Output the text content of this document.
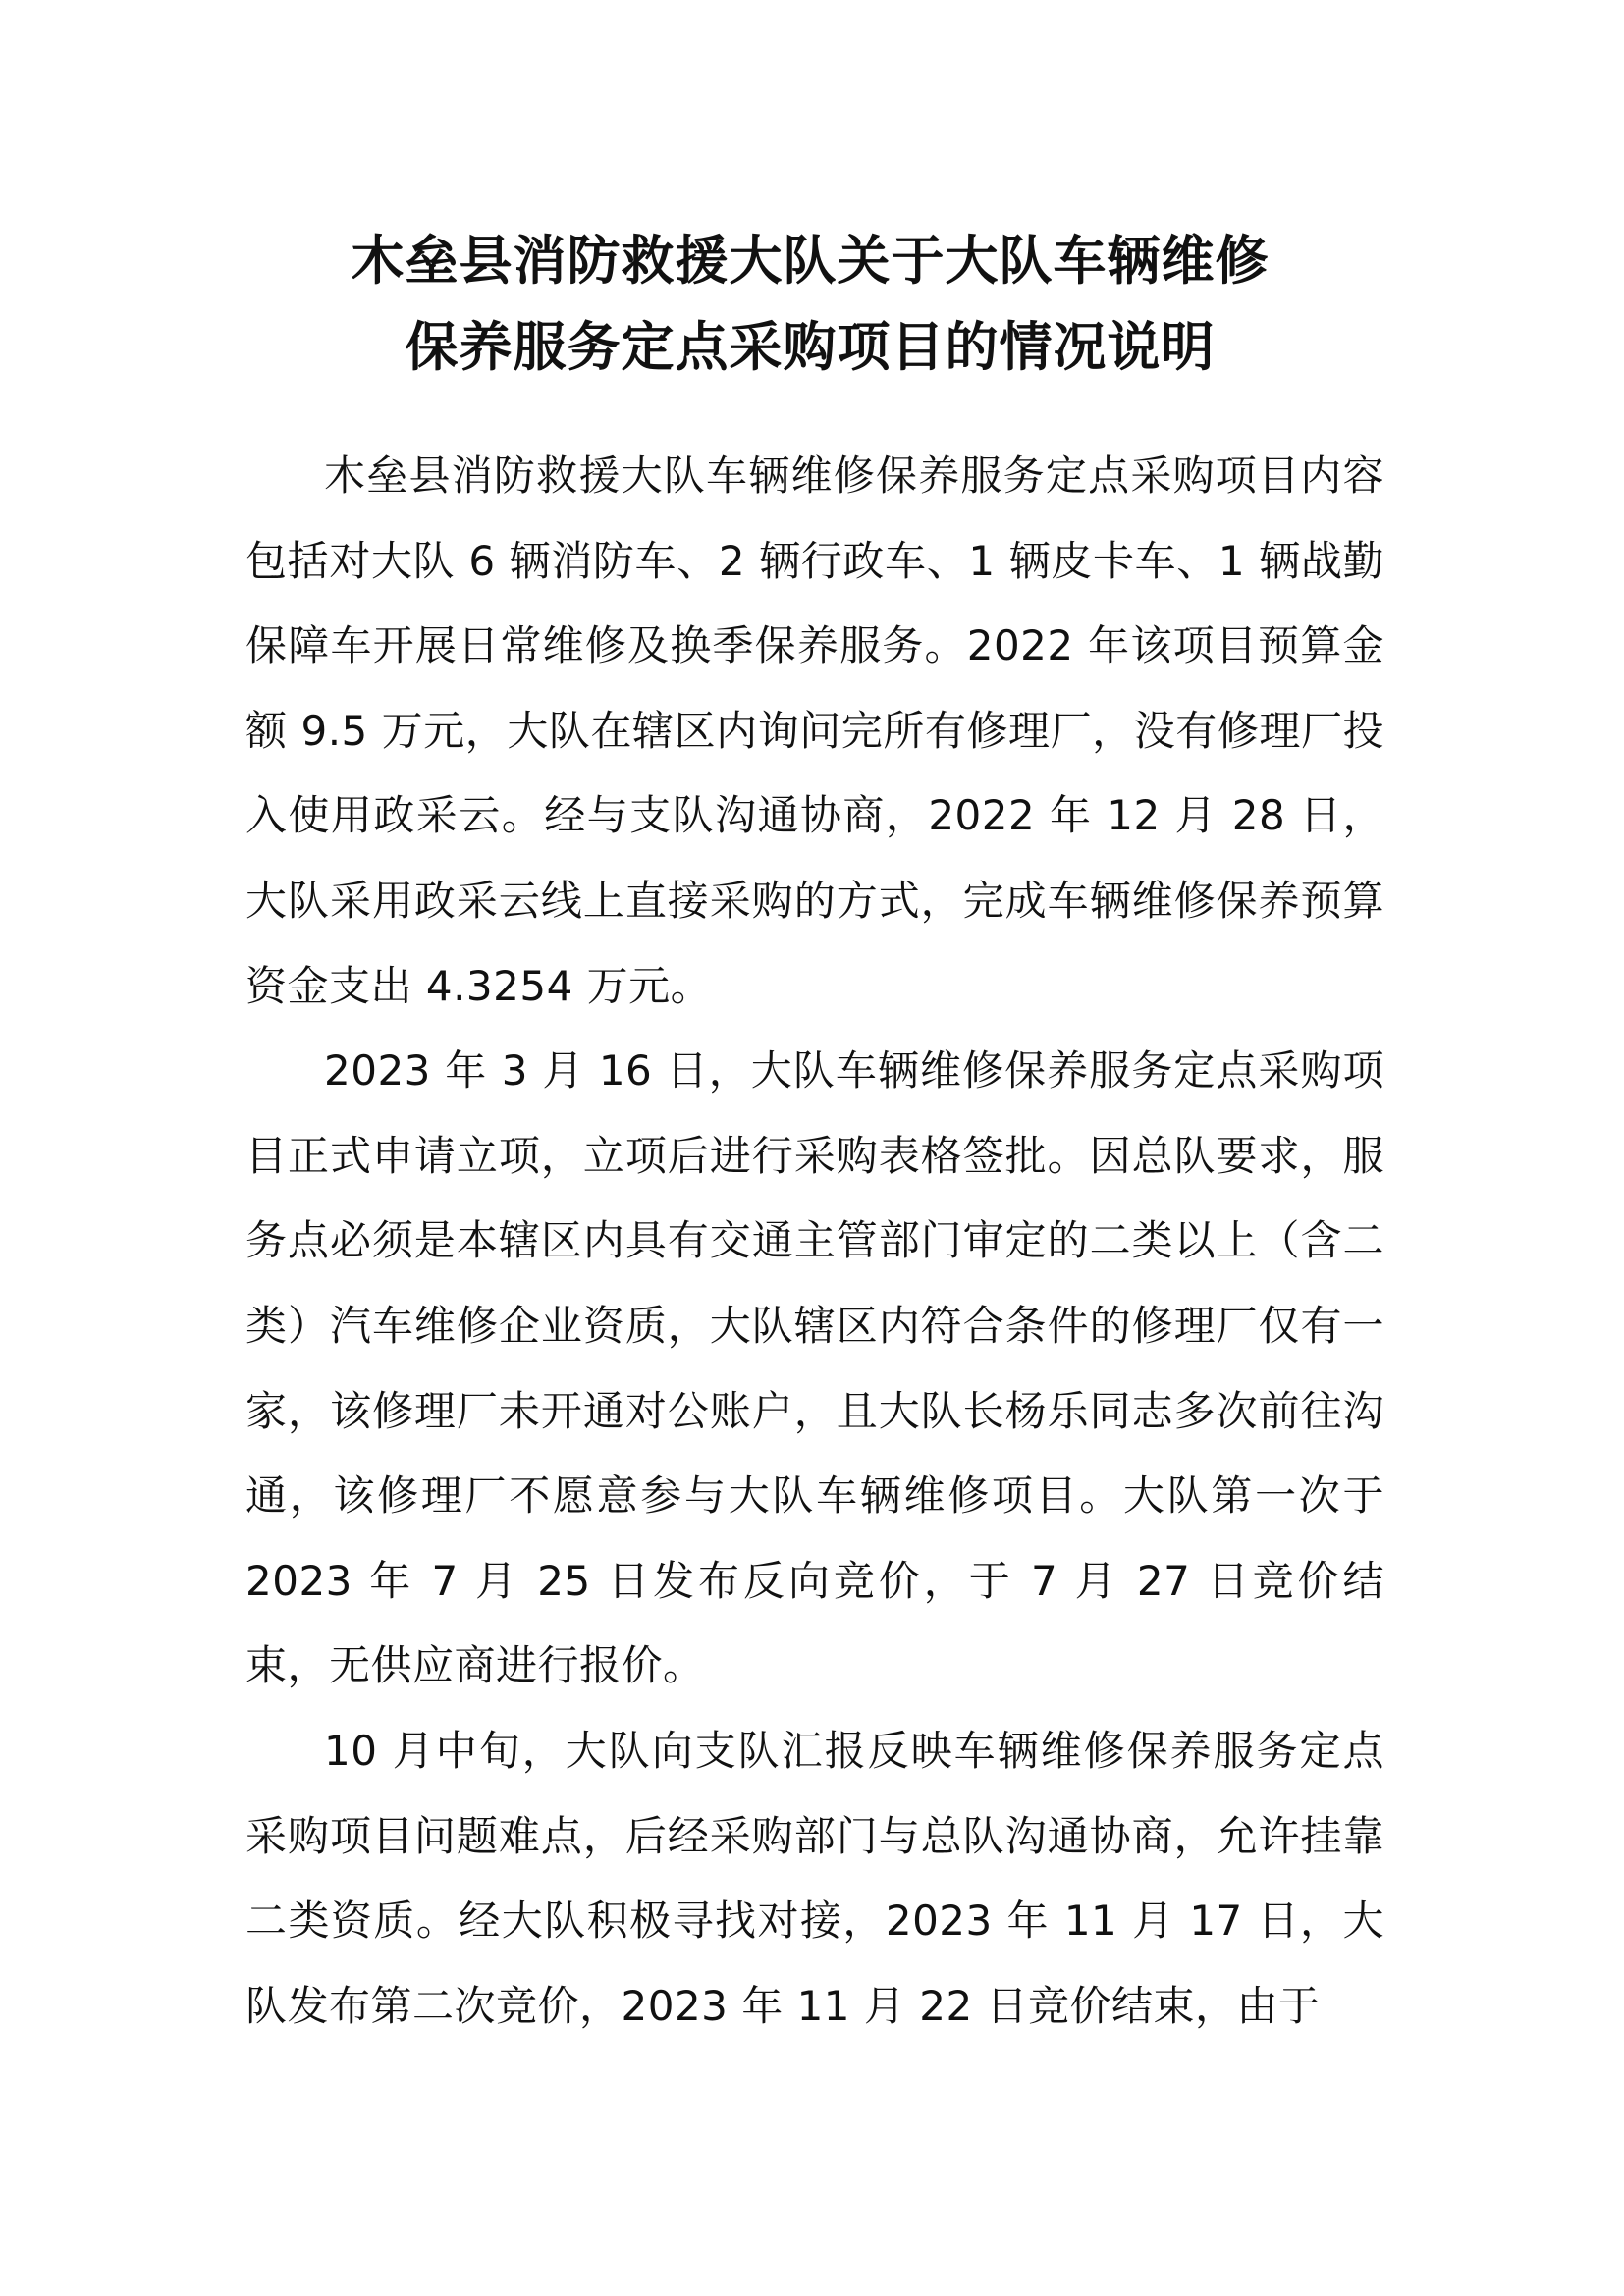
木垒县消防救援大队关于大队车辆维修
保养服务定点采购项目的情况说明

木垒县消防救援大队车辆维修保养服务定点采购项目内容包括对大队 6 辆消防车、2 辆行政车、1 辆皮卡车、1 辆战勤保障车开展日常维修及换季保养服务。2022 年该项目预算金额 9.5 万元，大队在辖区内询问完所有修理厂，没有修理厂投入使用政采云。经与支队沟通协商，2022 年 12 月 28 日，大队采用政采云线上直接采购的方式，完成车辆维修保养预算资金支出 4.3254 万元。

2023 年 3 月 16 日，大队车辆维修保养服务定点采购项目正式申请立项，立项后进行采购表格签批。因总队要求，服务点必须是本辖区内具有交通主管部门审定的二类以上（含二类）汽车维修企业资质，大队辖区内符合条件的修理厂仅有一家，该修理厂未开通对公账户，且大队长杨乐同志多次前往沟通，该修理厂不愿意参与大队车辆维修项目。大队第一次于 2023 年 7 月 25 日发布反向竞价，于 7 月 27 日竞价结束，无供应商进行报价。

10 月中旬，大队向支队汇报反映车辆维修保养服务定点采购项目问题难点，后经采购部门与总队沟通协商，允许挂靠二类资质。经大队积极寻找对接，2023 年 11 月 17 日，大队发布第二次竞价，2023 年 11 月 22 日竞价结束，由于
